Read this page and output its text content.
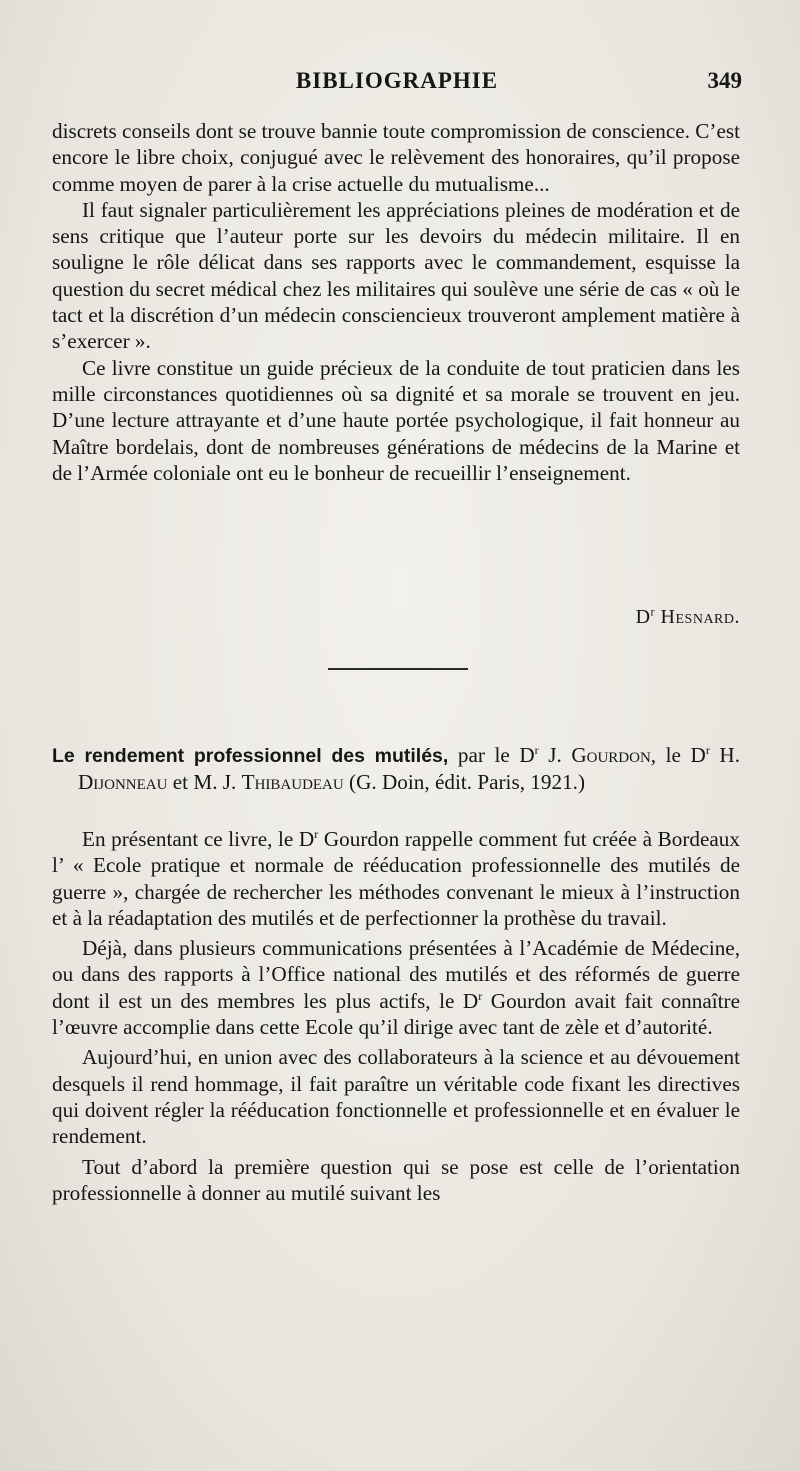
BIBLIOGRAPHIE	349

discrets conseils dont se trouve bannie toute compromission de conscience. C’est encore le libre choix, conjugué avec le relèvement des honoraires, qu’il propose comme moyen de parer à la crise actuelle du mutualisme...

Il faut signaler particulièrement les appréciations pleines de modération et de sens critique que l’auteur porte sur les devoirs du médecin militaire. Il en souligne le rôle délicat dans ses rapports avec le commandement, esquisse la question du secret médical chez les militaires qui soulève une série de cas « où le tact et la discrétion d’un médecin consciencieux trouveront amplement matière à s’exercer ».

Ce livre constitue un guide précieux de la conduite de tout praticien dans les mille circonstances quotidiennes où sa dignité et sa morale se trouvent en jeu. D’une lecture attrayante et d’une haute portée psychologique, il fait honneur au Maître bordelais, dont de nombreuses générations de médecins de la Marine et de l’Armée coloniale ont eu le bonheur de recueillir l’enseignement.

$D^r$ Hesnard.
Le rendement professionnel des mutilés, par le $D^r$ J. Gourdon, le $D^r$ H. Dijonneau et M. J. Thibaudeau (G. Doin, édit. Paris, 1921.)

En présentant ce livre, le $D^r$ Gourdon rappelle comment fut créée à Bordeaux l’ « Ecole pratique et normale de rééducation professionnelle des mutilés de guerre », chargée de rechercher les méthodes convenant le mieux à l’instruction et à la réadaptation des mutilés et de perfectionner la prothèse du travail.

Déjà, dans plusieurs communications présentées à l’Académie de Médecine, ou dans des rapports à l’Office national des mutilés et des réformés de guerre dont il est un des membres les plus actifs, le $D^r$ Gourdon avait fait connaître l’œuvre accomplie dans cette Ecole qu’il dirige avec tant de zèle et d’autorité.

Aujourd’hui, en union avec des collaborateurs à la science et au dévouement desquels il rend hommage, il fait paraître un véritable code fixant les directives qui doivent régler la rééducation fonctionnelle et professionnelle et en évaluer le rendement.

Tout d’abord la première question qui se pose est celle de l’orientation professionnelle à donner au mutilé suivant les
